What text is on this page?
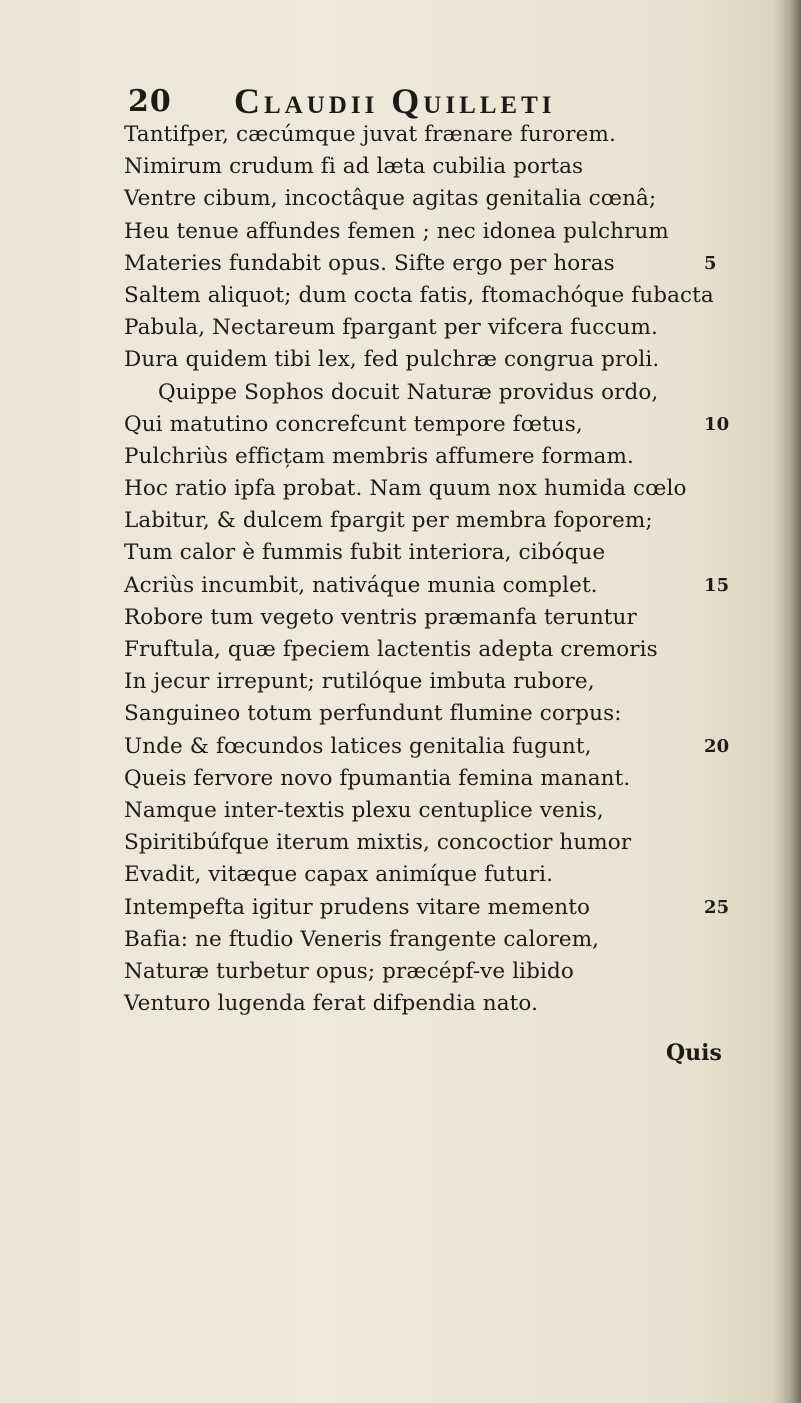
20 Claudii Quilleti
Tantifper, cæcúmque juvat frænare furorem.
Nimirum crudum fi ad læta cubilia portas
Ventre cibum, incoctâque agitas genitalia cœnâ;
Heu tenue affundes femen ; nec idonea pulchrum
Materies fundabit opus. Sifte ergo per horas	5
Saltem aliquot; dum cocta fatis, ftomachóque fubacta
Pabula, Nectareum fpargant per vifcera fuccum.
Dura quidem tibi lex, fed pulchræ congrua proli.
Quippe Sophos docuit Naturæ providus ordo,
Qui matutino concrefcunt tempore fœtus,	10
Pulchriùs efficțam membris affumere formam.
Hoc ratio ipfa probat. Nam quum nox humida cœlo
Labitur, & dulcem fpargit per membra foporem;
Tum calor è fummis fubit interiora, cibóque
Acriùs incumbit, nativáque munia complet.	15
Robore tum vegeto ventris præmanfa teruntur
Fruftula, quæ fpeciem lactentis adepta cremoris
In jecur irrepunt; rutilóque imbuta rubore,
Sanguineo totum perfundunt flumine corpus:
Unde & fœcundos latices genitalia fugunt,	20
Queis fervore novo fpumantia femina manant.
Namque inter-textis plexu centuplice venis,
Spiritibúfque iterum mixtis, concoctior humor
Evadit, vitæque capax animíque futuri.
Intempefta igitur prudens vitare memento	25
Bafia: ne ftudio Veneris frangente calorem,
Naturæ turbetur opus; præcépf-ve libido
Venturo lugenda ferat difpendia nato.
Quis
